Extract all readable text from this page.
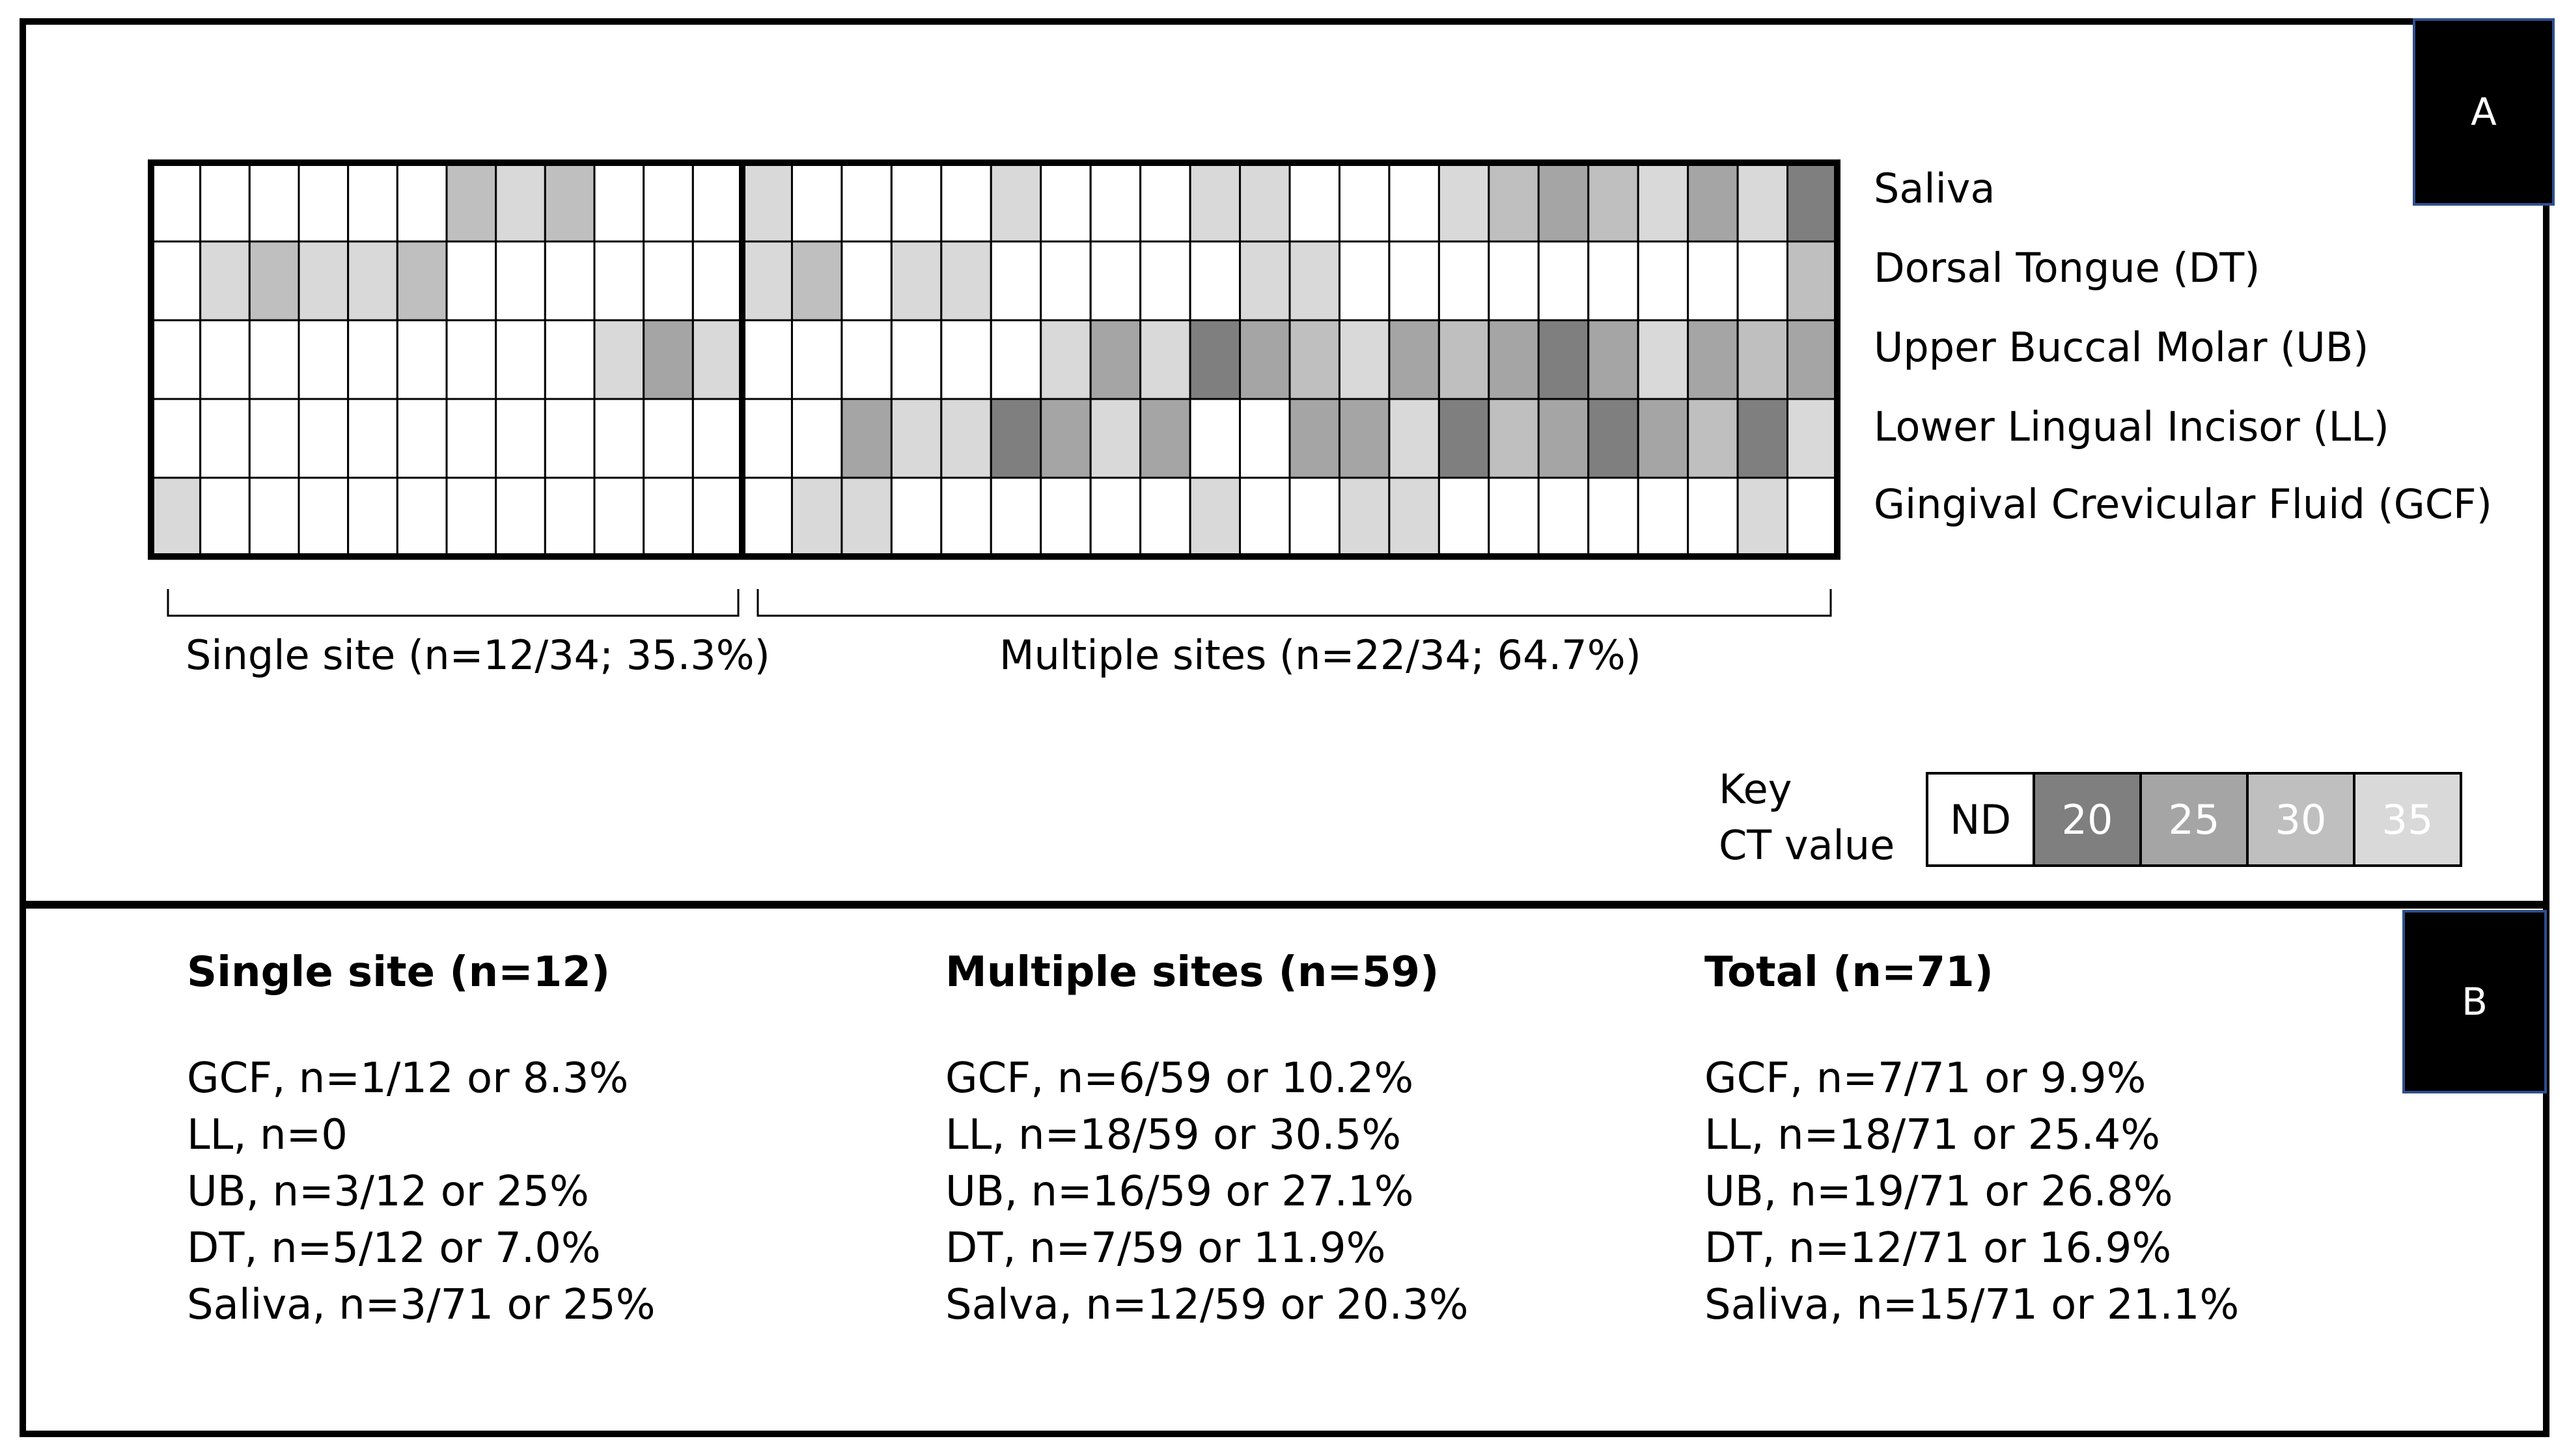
A
B
Saliva
Dorsal Tongue (DT)
Upper Buccal Molar (UB)
Lower Lingual Incisor (LL)
Gingival Crevicular Fluid (GCF)
Single site (n=12/34; 35.3%)	Multiple sites (n=22/34; 64.7%)
Key
CT value
ND 20 25 30 35
Single site (n=12)
GCF, n=1/12 or 8.3%
LL, n=0
UB, n=3/12 or 25%
DT, n=5/12 or 7.0%
Saliva, n=3/71 or 25%
Multiple sites (n=59)
GCF, n=6/59 or 10.2%
LL, n=18/59 or 30.5%
UB, n=16/59 or 27.1%
DT, n=7/59 or 11.9%
Salva, n=12/59 or 20.3%
Total (n=71)
GCF, n=7/71 or 9.9%
LL, n=18/71 or 25.4%
UB, n=19/71 or 26.8%
DT, n=12/71 or 16.9%
Saliva, n=15/71 or 21.1%
